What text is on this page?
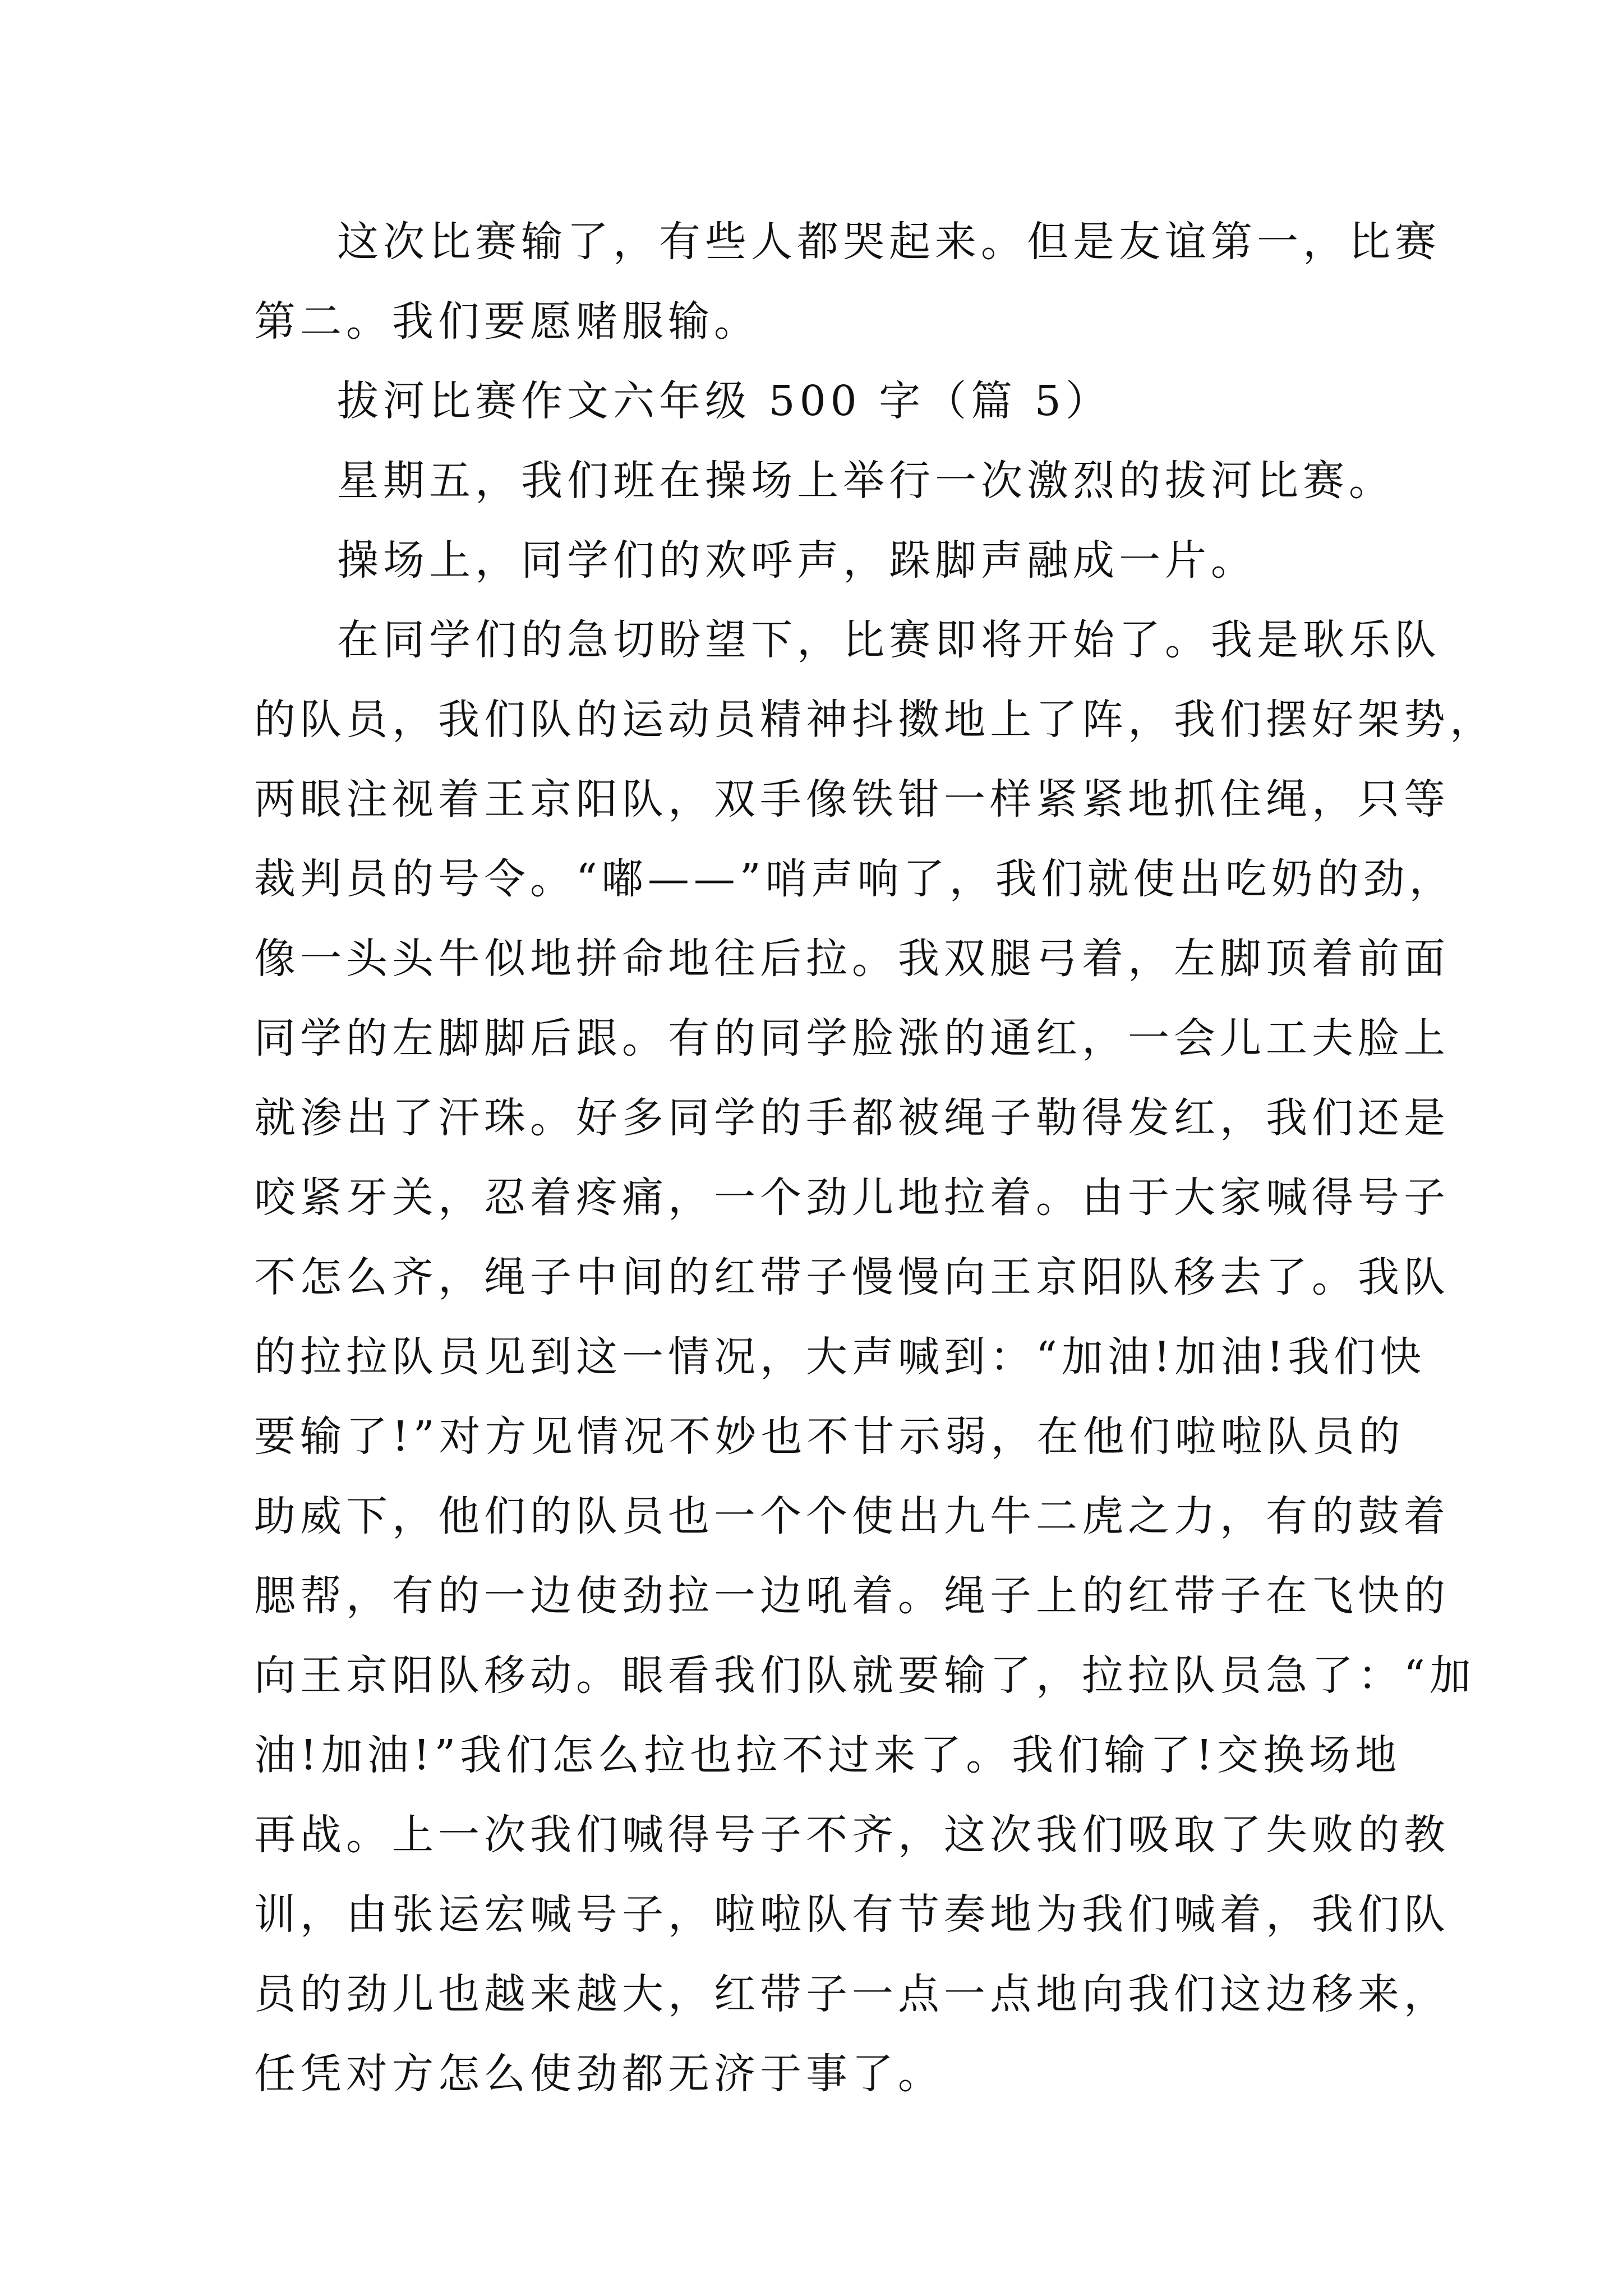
这次比赛输了，有些人都哭起来。但是友谊第一，比赛
第二。我们要愿赌服输。

拔河比赛作文六年级 500 字（篇 5）

星期五，我们班在操场上举行一次激烈的拔河比赛。

操场上，同学们的欢呼声，跺脚声融成一片。

在同学们的急切盼望下，比赛即将开始了。我是耿乐队
的队员，我们队的运动员精神抖擞地上了阵，我们摆好架势，
两眼注视着王京阳队，双手像铁钳一样紧紧地抓住绳，只等
裁判员的号令。“嘟——”哨声响了，我们就使出吃奶的劲，
像一头头牛似地拼命地往后拉。我双腿弓着，左脚顶着前面
同学的左脚脚后跟。有的同学脸涨的通红，一会儿工夫脸上
就渗出了汗珠。好多同学的手都被绳子勒得发红，我们还是
咬紧牙关，忍着疼痛，一个劲儿地拉着。由于大家喊得号子
不怎么齐，绳子中间的红带子慢慢向王京阳队移去了。我队
的拉拉队员见到这一情况，大声喊到：“加油!加油!我们快
要输了!”对方见情况不妙也不甘示弱，在他们啦啦队员的
助威下，他们的队员也一个个使出九牛二虎之力，有的鼓着
腮帮，有的一边使劲拉一边吼着。绳子上的红带子在飞快的
向王京阳队移动。眼看我们队就要输了，拉拉队员急了：“加
油!加油!”我们怎么拉也拉不过来了。我们输了!交换场地
再战。上一次我们喊得号子不齐，这次我们吸取了失败的教
训，由张运宏喊号子，啦啦队有节奏地为我们喊着，我们队
员的劲儿也越来越大，红带子一点一点地向我们这边移来，
任凭对方怎么使劲都无济于事了。
